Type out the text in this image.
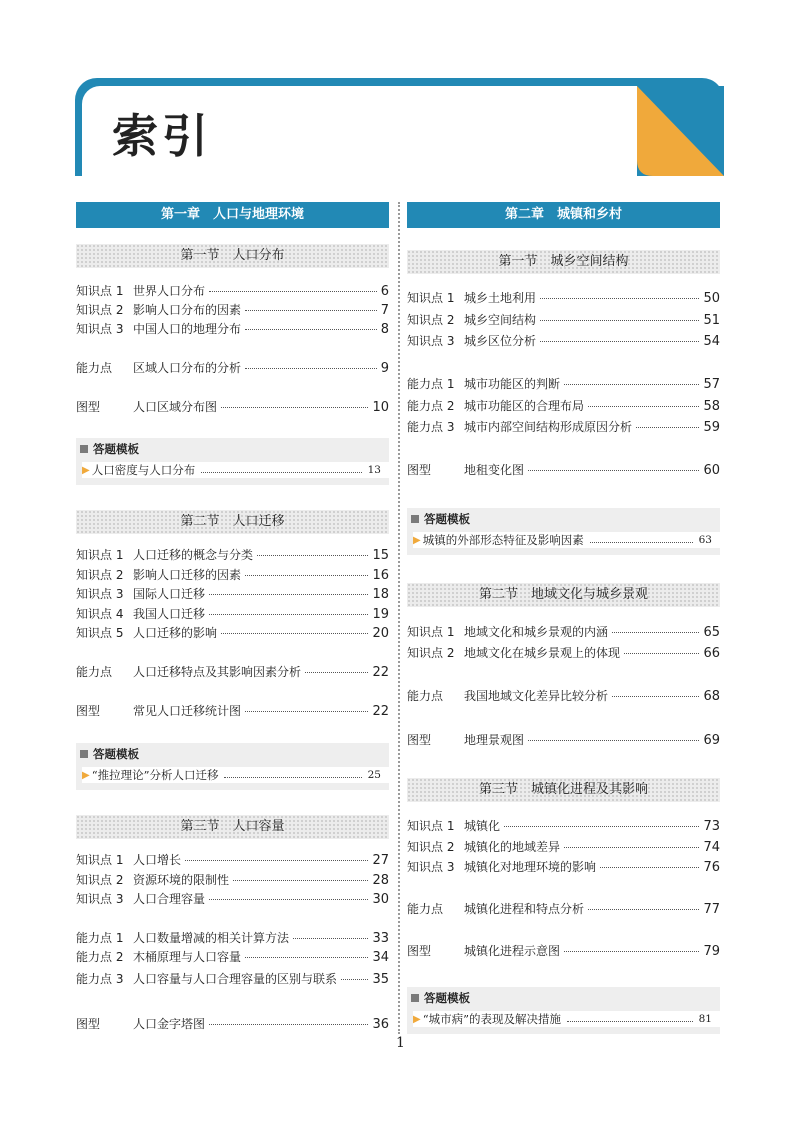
索引
第一章　人口与地理环境
第一节　人口分布
知识点 1 世界人口分布	6
知识点 2 影响人口分布的因素	7
知识点 3 中国人口的地理分布	8
能力点	区域人口分布的分析	9
图型	人口区域分布图	10
答题模板
▶ 人口密度与人口分布	13
第二节　人口迁移
知识点 1 人口迁移的概念与分类	15
知识点 2 影响人口迁移的因素	16
知识点 3 国际人口迁移	18
知识点 4 我国人口迁移	19
知识点 5 人口迁移的影响	20
能力点	人口迁移特点及其影响因素分析	22
图型	常见人口迁移统计图	22
答题模板
▶ “推拉理论”分析人口迁移	25
第三节　人口容量
知识点 1 人口增长	27
知识点 2 资源环境的限制性	28
知识点 3 人口合理容量	30
能力点 1 人口数量增减的相关计算方法	33
能力点 2 木桶原理与人口容量	34
能力点 3 人口容量与人口合理容量的区别与联系	35
图型	人口金字塔图	36
第二章　城镇和乡村
第一节　城乡空间结构
知识点 1 城乡土地利用	50
知识点 2 城乡空间结构	51
知识点 3 城乡区位分析	54
能力点 1 城市功能区的判断	57
能力点 2 城市功能区的合理布局	58
能力点 3 城市内部空间结构形成原因分析	59
图型	地租变化图	60
答题模板
▶ 城镇的外部形态特征及影响因素	63
第二节　地域文化与城乡景观
知识点 1 地域文化和城乡景观的内涵	65
知识点 2 地域文化在城乡景观上的体现	66
能力点	我国地域文化差异比较分析	68
图型	地理景观图	69
第三节　城镇化进程及其影响
知识点 1 城镇化	73
知识点 2 城镇化的地域差异	74
知识点 3 城镇化对地理环境的影响	76
能力点	城镇化进程和特点分析	77
图型	城镇化进程示意图	79
答题模板
▶ “城市病”的表现及解决措施	81
1
